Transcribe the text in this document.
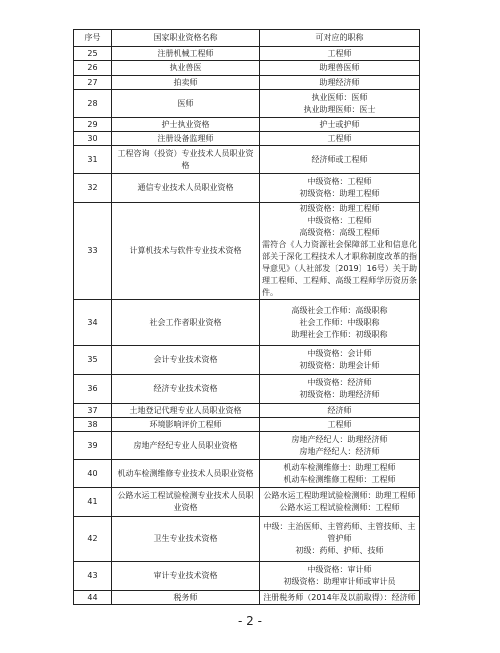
序号	国家职业资格名称	可对应的职称
25	注册机械工程师	工程师

26	执业兽医	助理兽医师

27	拍卖师	助理经济师

28	医师	执业医师：医师
执业助理医师：医士

29	护士执业资格	护士或护师

30	注册设备监理师	工程师

31	工程咨询（投资）专业技术人员职业资格	经济师或工程师

32	通信专业技术人员职业资格	中级资格：工程师
初级资格：助理工程师

33	计算机技术与软件专业技术资格	初级资格：助理工程师
中级资格：工程师
高级资格：高级工程师
需符合《人力资源社会保障部工业和信息化部关于深化工程技术人才职称制度改革的指导意见》（人社部发〔2019〕16号）关于助理工程师、工程师、高级工程师学历资历条件。

34	社会工作者职业资格	高级社会工作师：高级职称
社会工作师：中级职称
助理社会工作师：初级职称

35	会计专业技术资格	中级资格：会计师
初级资格：助理会计师

36	经济专业技术资格	中级资格：经济师
初级资格：助理经济师

37	土地登记代理专业人员职业资格	经济师

38	环境影响评价工程师	工程师

39	房地产经纪专业人员职业资格	房地产经纪人：助理经济师
房地产经纪人：经济师

40	机动车检测维修专业技术人员职业资格	机动车检测维修士：助理工程师
机动车检测维修工程师：工程师

41	公路水运工程试验检测专业技术人员职业资格	公路水运工程助理试验检测师：助理工程师
公路水运工程试验检测师：工程师

42	卫生专业技术资格	中级：主治医师、主管药师、主管技师、主管护师
初级：药师、护师、技师

43	审计专业技术资格	中级资格：审计师
初级资格：助理审计师或审计员

44	税务师	注册税务师（2014年及以前取得）：经济师
- 2 -
